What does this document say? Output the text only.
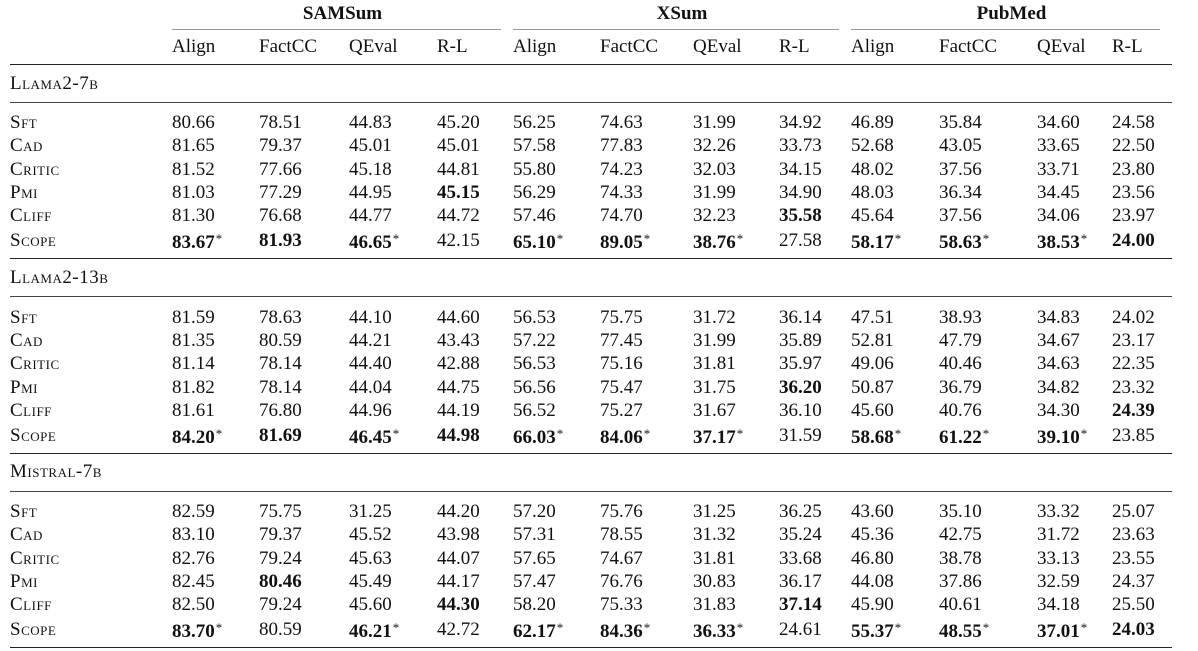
	SAMSum				XSum				PubMed			

	Align	FactCC	QEval	R-L	Align	FactCC	QEval	R-L	Align	FactCC	QEval	R-L
Llama2-7b												
Sft	80.66	78.51	44.83	45.20	56.25	74.63	31.99	34.92	46.89	35.84	34.60	24.58
Cad	81.65	79.37	45.01	45.01	57.58	77.83	32.26	33.73	52.68	43.05	33.65	22.50
Critic	81.52	77.66	45.18	44.81	55.80	74.23	32.03	34.15	48.02	37.56	33.71	23.80
Pmi	81.03	77.29	44.95	45.15	56.29	74.33	31.99	34.90	48.03	36.34	34.45	23.56
Cliff	81.30	76.68	44.77	44.72	57.46	74.70	32.23	35.58	45.64	37.56	34.06	23.97
Scope	83.67*	81.93	46.65*	42.15	65.10*	89.05*	38.76*	27.58	58.17*	58.63*	38.53*	24.00
Llama2-13b												
Sft	81.59	78.63	44.10	44.60	56.53	75.75	31.72	36.14	47.51	38.93	34.83	24.02
Cad	81.35	80.59	44.21	43.43	57.22	77.45	31.99	35.89	52.81	47.79	34.67	23.17
Critic	81.14	78.14	44.40	42.88	56.53	75.16	31.81	35.97	49.06	40.46	34.63	22.35
Pmi	81.82	78.14	44.04	44.75	56.56	75.47	31.75	36.20	50.87	36.79	34.82	23.32
Cliff	81.61	76.80	44.96	44.19	56.52	75.27	31.67	36.10	45.60	40.76	34.30	24.39
Scope	84.20*	81.69	46.45*	44.98	66.03*	84.06*	37.17*	31.59	58.68*	61.22*	39.10*	23.85
Mistral-7b												
Sft	82.59	75.75	31.25	44.20	57.20	75.76	31.25	36.25	43.60	35.10	33.32	25.07
Cad	83.10	79.37	45.52	43.98	57.31	78.55	31.32	35.24	45.36	42.75	31.72	23.63
Critic	82.76	79.24	45.63	44.07	57.65	74.67	31.81	33.68	46.80	38.78	33.13	23.55
Pmi	82.45	80.46	45.49	44.17	57.47	76.76	30.83	36.17	44.08	37.86	32.59	24.37
Cliff	82.50	79.24	45.60	44.30	58.20	75.33	31.83	37.14	45.90	40.61	34.18	25.50
Scope	83.70*	80.59	46.21*	42.72	62.17*	84.36*	36.33*	24.61	55.37*	48.55*	37.01*	24.03
